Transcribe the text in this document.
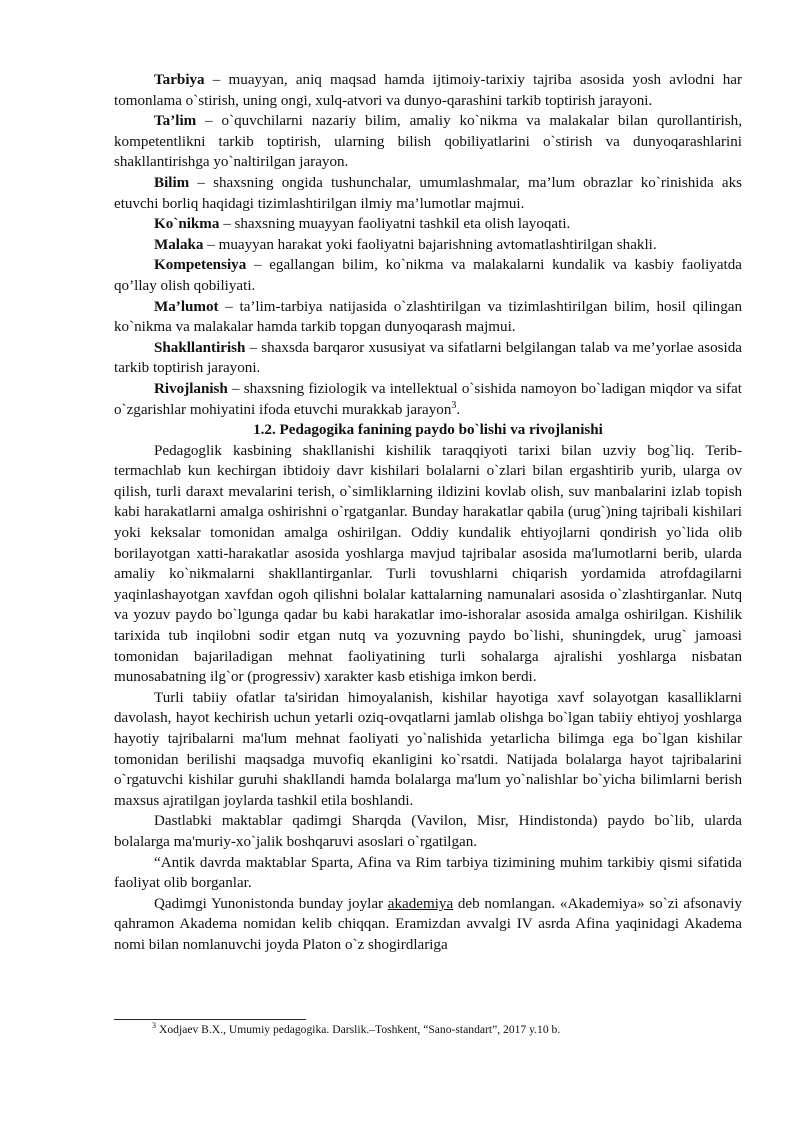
Tarbiya – muayyan, aniq maqsad hamda ijtimoiy-tarixiy tajriba asosida yosh avlodni har tomonlama o`stirish, uning ongi, xulq-atvori va dunyo-qarashini tarkib toptirish jarayoni.

Ta’lim – o`quvchilarni nazariy bilim, amaliy ko`nikma va malakalar bilan qurollantirish, kompetentlikni tarkib toptirish, ularning bilish qobiliyatlarini o`stirish va dunyoqarashlarini shakllantirishga yo`naltirilgan jarayon.

Bilim – shaxsning ongida tushunchalar, umumlashmalar, ma’lum obrazlar ko`rinishida aks etuvchi borliq haqidagi tizimlashtirilgan ilmiy ma’lumotlar majmui.

Ko`nikma – shaxsning muayyan faoliyatni tashkil eta olish layoqati.

Malaka – muayyan harakat yoki faoliyatni bajarishning avtomatlashtirilgan shakli.

Kompetensiya – egallangan bilim, ko`nikma va malakalarni kundalik va kasbiy faoliyatda qo’llay olish qobiliyati.

Ma’lumot – ta’lim-tarbiya natijasida o`zlashtirilgan va tizimlashtirilgan bilim, hosil qilingan ko`nikma va malakalar hamda tarkib topgan dunyoqarash majmui.

Shakllantirish – shaxsda barqaror xususiyat va sifatlarni belgilangan talab va me’yorlae asosida tarkib toptirish jarayoni.

Rivojlanish – shaxsning fiziologik va intellektual o`sishida namoyon bo`ladigan miqdor va sifat o`zgarishlar mohiyatini ifoda etuvchi murakkab jarayon$^3$.

1.2. Pedagogika fanining paydo bo`lishi va rivojlanishi

Pedagoglik kasbining shakllanishi kishilik taraqqiyoti tarixi bilan uzviy bog`liq. Terib-termachlab kun kechirgan ibtidoiy davr kishilari bolalarni o`zlari bilan ergashtirib yurib, ularga ov qilish, turli daraxt mevalarini terish, o`simliklarning ildizini kovlab olish, suv manbalarini izlab topish kabi harakatlarni amalga oshirishni o`rgatganlar. Bunday harakatlar qabila (urug`)ning tajribali kishilari yoki keksalar tomonidan amalga oshirilgan. Oddiy kundalik ehtiyojlarni qondirish yo`lida olib borilayotgan xatti-harakatlar asosida yoshlarga mavjud tajribalar asosida ma'lumotlarni berib, ularda amaliy ko`nikmalarni shakllantirganlar. Turli tovushlarni chiqarish yordamida atrofdagilarni yaqinlashayotgan xavfdan ogoh qilishni bolalar kattalarning namunalari asosida o`zlashtirganlar. Nutq va yozuv paydo bo`lgunga qadar bu kabi harakatlar imo-ishoralar asosida amalga oshirilgan. Kishilik tarixida tub inqilobni sodir etgan nutq va yozuvning paydo bo`lishi, shuningdek, urug` jamoasi tomonidan bajariladigan mehnat faoliyatining turli sohalarga ajralishi yoshlarga nisbatan munosabatning ilg`or (progressiv) xarakter kasb etishiga imkon berdi.

Turli tabiiy ofatlar ta'siridan himoyalanish, kishilar hayotiga xavf solayotgan kasalliklarni davolash, hayot kechirish uchun yetarli oziq-ovqatlarni jamlab olishga bo`lgan tabiiy ehtiyoj yoshlarga hayotiy tajribalarni ma'lum mehnat faoliyati yo`nalishida yetarlicha bilimga ega bo`lgan kishilar tomonidan berilishi maqsadga muvofiq ekanligini ko`rsatdi. Natijada bolalarga hayot tajribalarini o`rgatuvchi kishilar guruhi shakllandi hamda bolalarga ma'lum yo`nalishlar bo`yicha bilimlarni berish maxsus ajratilgan joylarda tashkil etila boshlandi.

Dastlabki maktablar qadimgi Sharqda (Vavilon, Misr, Hindistonda) paydo bo`lib, ularda bolalarga ma'muriy-xo`jalik boshqaruvi asoslari o`rgatilgan.

“Antik davrda maktablar Sparta, Afina va Rim tarbiya tizimining muhim tarkibiy qismi sifatida faoliyat olib borganlar.

Qadimgi Yunonistonda bunday joylar akademiya deb nomlangan. «Akademiya» so`zi afsonaviy qahramon Akadema nomidan kelib chiqqan. Eramizdan avvalgi IV asrda Afina yaqinidagi Akadema nomi bilan nomlanuvchi joyda Platon o`z shogirdlariga

$^3$ Xodjaev B.X., Umumiy pedagogika. Darslik.–Toshkent, “Sano-standart”, 2017 y.10 b.
